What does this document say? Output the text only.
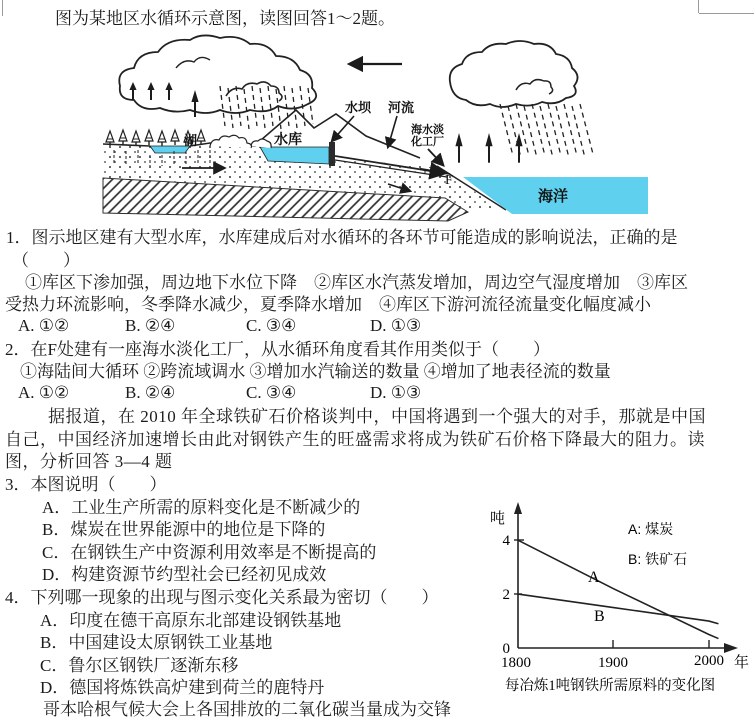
图为某地区水循环示意图，读图回答1～2题。
海洋
湖	水库
水坝 河流
海水淡
化工厂
F
1．图示地区建有大型水库，水库建成后对水循环的各环节可能造成的影响说法，正确的是
（　　）
①库区下渗加强，周边地下水位下降　②库区水汽蒸发增加，周边空气湿度增加　③库区
受热力环流影响，冬季降水减少，夏季降水增加　④库区下游河流径流量变化幅度减小
A. ①②	B. ②④	C. ③④	D. ①③
2．在F处建有一座海水淡化工厂，从水循环角度看其作用类似于（　　）
①海陆间大循环 ②跨流域调水 ③增加水汽输送的数量 ④增加了地表径流的数量
A. ①②	B. ②④	C. ③④	D. ①③
据报道，在 2010 年全球铁矿石价格谈判中，中国将遇到一个强大的对手，那就是中国
自己，中国经济加速增长由此对钢铁产生的旺盛需求将成为铁矿石价格下降最大的阻力。读
图，分析回答 3—4 题
3．本图说明（　　）
A．工业生产所需的原料变化是不断减少的
B．煤炭在世界能源中的地位是下降的
C．在钢铁生产中资源利用效率是不断提高的
D．构建资源节约型社会已经初见成效
4．下列哪一现象的出现与图示变化关系最为密切（　　）
A．印度在德干高原东北部建设钢铁基地
B．中国建设太原钢铁工业基地
C．鲁尔区钢铁厂逐渐东移
D．德国将炼铁高炉建到荷兰的鹿特丹
哥本哈根气候大会上各国排放的二氧化碳当量成为交锋
吨
4
2
0
1800	1900	2000 年
A
B
A: 煤炭
B: 铁矿石
每冶炼1吨钢铁所需原料的变化图
